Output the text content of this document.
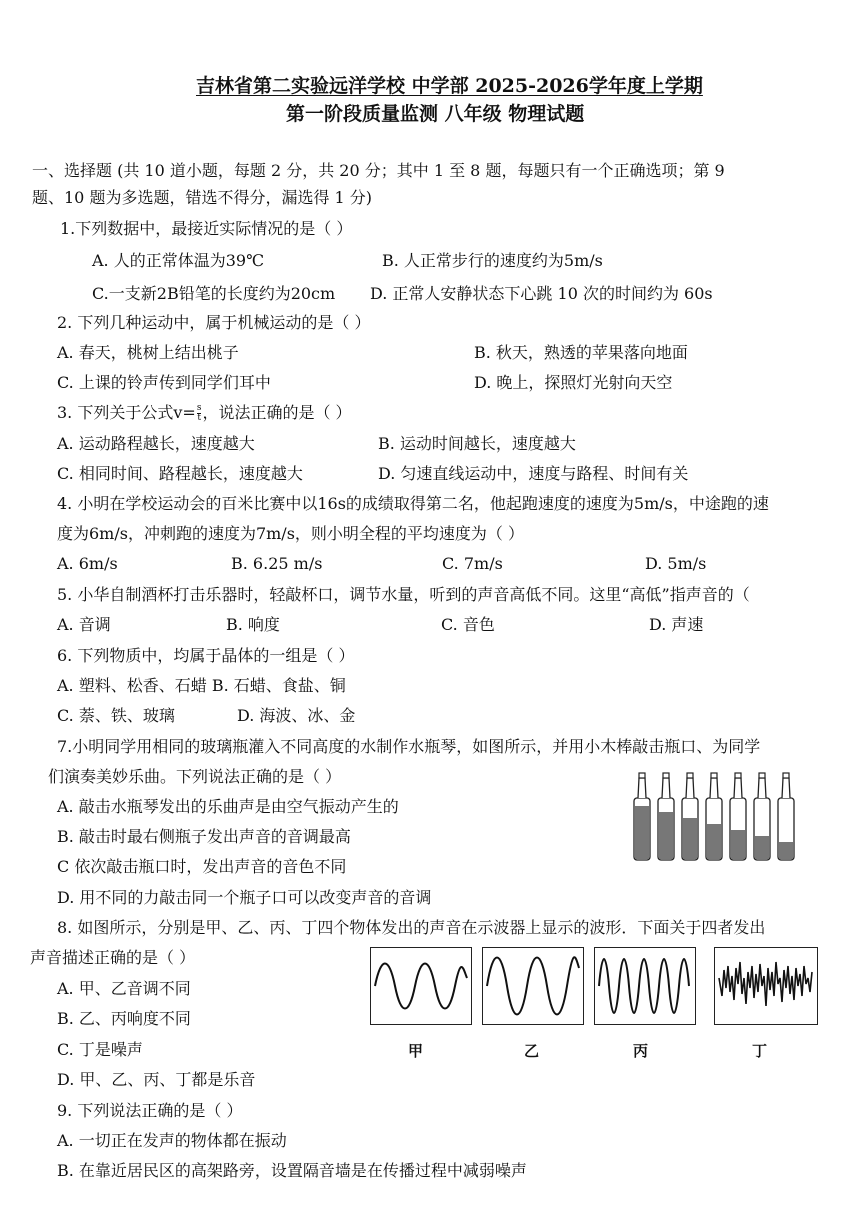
吉林省第二实验远洋学校 中学部 2025-2026学年度上学期
第一阶段质量监测 八年级 物理试题
一、选择题 (共 10 道小题，每题 2 分，共 20 分；其中 1 至 8 题，每题只有一个正确选项；第 9
题、10 题为多选题，错选不得分，漏选得 1 分)
1.下列数据中，最接近实际情况的是（ ）
A. 人的正常体温为39℃	B. 人正常步行的速度约为5m/s
C.一支新2B铅笔的长度约为20cm D. 正常人安静状态下心跳 10 次的时间约为 60s
2. 下列几种运动中，属于机械运动的是（ ）
A. 春天，桃树上结出桃子	B. 秋天，熟透的苹果落向地面
C. 上课的铃声传到同学们耳中	D. 晚上，探照灯光射向天空
3. 下列关于公式$v= \frac{s}{t}$ ，说法正确的是（ ）
A. 运动路程越长，速度越大	B. 运动时间越长，速度越大
C. 相同时间、路程越长，速度越大	D. 匀速直线运动中，速度与路程、时间有关
4. 小明在学校运动会的百米比赛中以16s的成绩取得第二名，他起跑速度的速度为5m/s，中途跑的速
度为6m/s，冲刺跑的速度为7m/s，则小明全程的平均速度为（ ）
A. 6m/s	B. 6.25 m/s	C. 7m/s	D. 5m/s
5. 小华自制酒杯打击乐器时，轻敲杯口，调节水量，听到的声音高低不同。这里“高低”指声音的（
A. 音调	B. 响度	C. 音色	D. 声速
6. 下列物质中，均属于晶体的一组是（ ）
A. 塑料、松香、石蜡 B. 石蜡、食盐、铜
C. 萘、铁、玻璃	D. 海波、冰、金
7.小明同学用相同的玻璃瓶灌入不同高度的水制作水瓶琴，如图所示，并用小木棒敲击瓶口、为同学
们演奏美妙乐曲。下列说法正确的是（ ）
A. 敲击水瓶琴发出的乐曲声是由空气振动产生的
B. 敲击时最右侧瓶子发出声音的音调最高
C 依次敲击瓶口时，发出声音的音色不同
D. 用不同的力敲击同一个瓶子口可以改变声音的音调
8. 如图所示，分别是甲、乙、丙、丁四个物体发出的声音在示波器上显示的波形．下面关于四者发出
声音描述正确的是（ ）
A. 甲、乙音调不同
B. 乙、丙响度不同
C. 丁是噪声
D. 甲、乙、丙、丁都是乐音
甲	乙	丙	丁
9. 下列说法正确的是（ ）
A. 一切正在发声的物体都在振动
B. 在靠近居民区的高架路旁，设置隔音墙是在传播过程中减弱噪声
